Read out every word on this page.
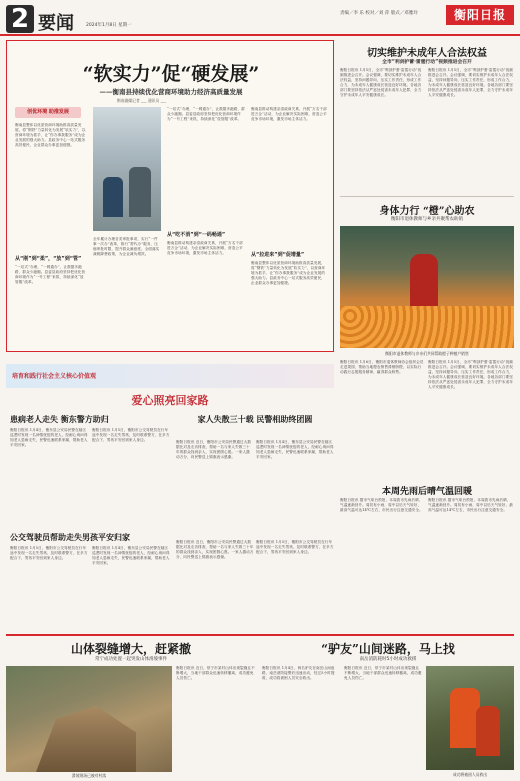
2 要闻	2024年1月8日 星期一
责编／李 乐 校对／刘 萍 版式／邓雅玲	衡阳日报
“软实力”促“硬发展”
——衡南县持续优化营商环境助力经济高质量发展
衡南融媒记者 ___ 通讯员 ___
创优环境 助推发展
衡南县整体以优质营商环境助推高质量发展，将“钢铁”力量转化为发展“软实力”，以营商环境为抓手，让“你办事我服务”成为企业发展的强大助力。县政务中心一站式服务高效便民，企业群众办事更加便捷。
从“刚”到“柔”，“放”到“管”
“一站式”办理，“一网通办”，让数据多跑路，群众少跑腿。县委县政府坚持把优化营商环境作为“一号工程”来抓，持续深化“放管服”改革。
全年累计办理各类审批事项，实行“一件事一次办”改革，推行“帮代办”服务，压缩审批时限，提升群众满意度。全面落实减税降费政策，为企业减负增效。
“一站式”办理，“一网通办”，让数据多跑路，群众少跑腿。县委县政府坚持把优化营商环境作为“一号工程”来抓，持续深化“放管服”改革。
从“吃不消”到“一码畅通”
衡南县推动构建亲清政商关系，开展“万名干部进万企”活动，为企业解决实际困难，营造公平竞争市场环境，激发市场主体活力。
衡南县推动构建亲清政商关系，开展“万名干部进万企”活动，为企业解决实际困难，营造公平竞争市场环境，激发市场主体活力。
从“拉进来”到“促增量”
衡南县整体以优质营商环境助推高质量发展，将“钢铁”力量转化为发展“软实力”，以营商环境为抓手，让“你办事我服务”成为企业发展的强大助力。县政务中心一站式服务高效便民，企业群众办事更加便捷。
切实维护未成年人合法权益
全市“利剑护蕾·雷霆行动”视频推进会召开
衡阳日报讯 1月5日，全市“利剑护蕾·雷霆行动”视频推进会召开。会议强调，要切实维护未成年人合法权益，坚持问题导向，压实工作责任，形成工作合力，为未成年人健康成长营造良好环境。各地各部门要坚持依法从严惩处侵害未成年人犯罪，全力守护未成年人平安健康成长。
衡阳日报讯 1月5日，全市“利剑护蕾·雷霆行动”视频推进会召开。会议强调，要切实维护未成年人合法权益，坚持问题导向，压实工作责任，形成工作合力，为未成年人健康成长营造良好环境。各地各部门要坚持依法从严惩处侵害未成年人犯罪，全力守护未成年人平安健康成长。
身体力行 “橙”心助农
衡阳市退休教师与乡亲共聚帮农助销
衡阳市退休教师与乡亲们共同帮助橙子种植户销售
衡阳日报讯 1月6日，衡阳市退休教师协会组织会员走进果园，帮助当地橙农销售滞销脐橙，以实际行动践行志愿服务精神，赢得群众称赞。
衡阳日报讯 1月5日，全市“利剑护蕾·雷霆行动”视频推进会召开。会议强调，要切实维护未成年人合法权益，坚持问题导向，压实工作责任，形成工作合力，为未成年人健康成长营造良好环境。各地各部门要坚持依法从严惩处侵害未成年人犯罪，全力守护未成年人平安健康成长。
培育和践行社会主义核心价值观
爱心照亮回家路
患病老人走失 衡东警方助归
衡阳日报讯 1月4日，衡东县公安局民警在辖区巡逻时发现一名神情恍惚的老人，经耐心询问得知老人患病走失，民警迅速联系家属，帮助老人平安回家。
衡阳日报讯 1月5日，衡阳市公交驾驶员在行车途中发现一名走失男孩，及时联系警方，在多方配合下，男孩平安回到家人身边。
家人失散三十载 民警相助终团圆
衡阳日报讯 近日，衡阳市公安局民警通过大数据比对及走访排查，帮助一名与家人失散三十年的群众找到亲人，实现团圆心愿。一家人激动万分，向民警送上锦旗表示感谢。
衡阳日报讯 1月4日，衡东县公安局民警在辖区巡逻时发现一名神情恍惚的老人，经耐心询问得知老人患病走失，民警迅速联系家属，帮助老人平安回家。
公交驾驶员帮助走失男孩平安归家
衡阳日报讯 1月5日，衡阳市公交驾驶员在行车途中发现一名走失男孩，及时联系警方，在多方配合下，男孩平安回到家人身边。
衡阳日报讯 1月4日，衡东县公安局民警在辖区巡逻时发现一名神情恍惚的老人，经耐心询问得知老人患病走失，民警迅速联系家属，帮助老人平安回家。
衡阳日报讯 近日，衡阳市公安局民警通过大数据比对及走访排查，帮助一名与家人失散三十年的群众找到亲人，实现团圆心愿。一家人激动万分，向民警送上锦旗表示感谢。
衡阳日报讯 1月5日，衡阳市公交驾驶员在行车途中发现一名走失男孩，及时联系警方，在多方配合下，男孩平安回到家人身边。
本周先雨后晴气温回暖
衡阳日报讯 据市气象台预报，本周我市先雨后晴，气温逐渐回升。周初有小雨，周中以后天气转好，最高气温可达14℃左右，市民出行注意交通安全。
衡阳日报讯 据市气象台预报，本周我市先雨后晴，气温逐渐回升。周初有小雨，周中以后天气转好，最高气温可达14℃左右，市民出行注意交通安全。
山体裂缝增大，赶紧撤
常宁成功处置一起突发山体滑坡事件
滑坡现场已被对村落
衡阳日报讯 近日，常宁市某村山体出现裂缝且不断增大，当地干部群众迅速转移撤离，成功避免人员伤亡。
“驴友”山间迷路，马上找
南岳消防耗时5小时成功救援
衡阳日报讯 1月4日，两名驴友在南岳山间迷路，南岳消防接警后迅速出动，经过5小时搜救，成功将被困人员安全救出。
衡阳日报讯 近日，常宁市某村山体出现裂缝且不断增大，当地干部群众迅速转移撤离，成功避免人员伤亡。
成功将被困人员救出
